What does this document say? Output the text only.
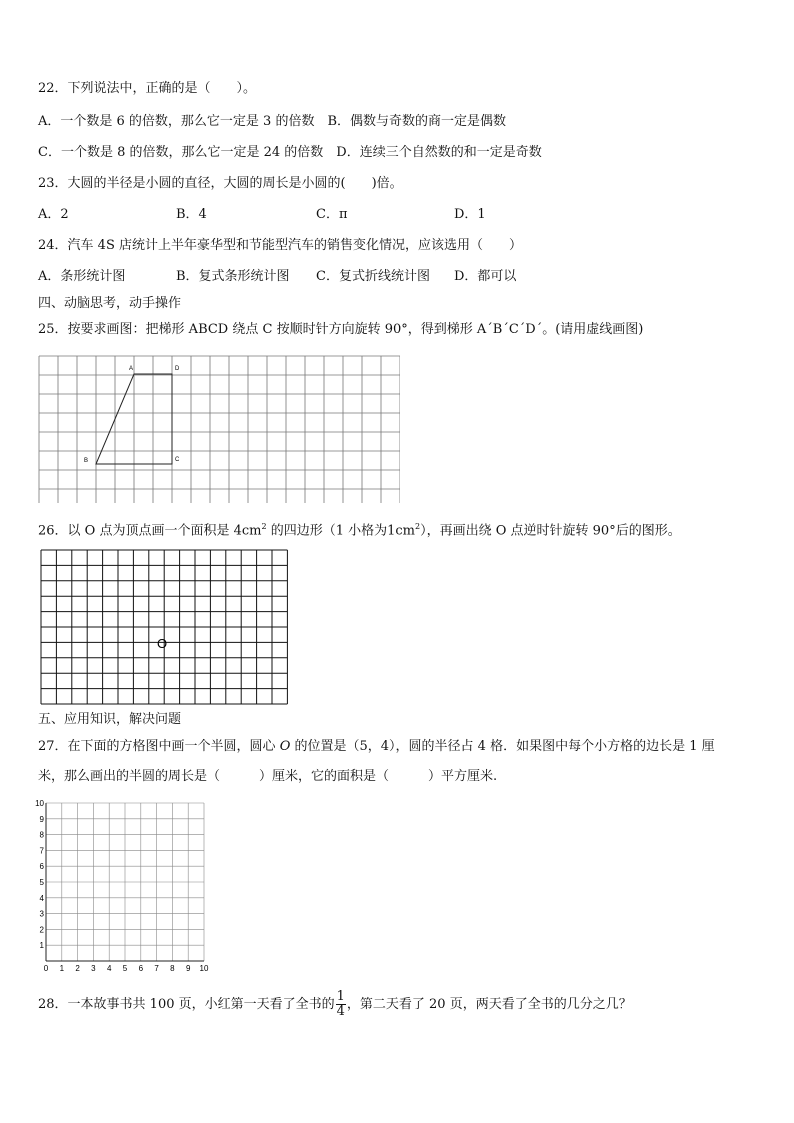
22．下列说法中，正确的是（　　）。
A．一个数是 6 的倍数，那么它一定是 3 的倍数　B．偶数与奇数的商一定是偶数
C．一个数是 8 的倍数，那么它一定是 24 的倍数　D．连续三个自然数的和一定是奇数
23．大圆的半径是小圆的直径，大圆的周长是小圆的(　　)倍。
A．2	B．4	C．π	D．1
24．汽车 4S 店统计上半年豪华型和节能型汽车的销售变化情况，应该选用（　　）
A．条形统计图	B．复式条形统计图 C．复式折线统计图 D．都可以
四、动脑思考，动手操作
25．按要求画图：把梯形 ABCD 绕点 C 按顺时针方向旋转 90°，得到梯形 A´B´C´D´。(请用虚线画图)
A	D
B	C
26．以 O 点为顶点画一个面积是 $4cm^2$ 的四边形（1 小格为$1cm^2$），再画出绕 O 点逆时针旋转 90°后的图形。
O
五、应用知识，解决问题
27．在下面的方格图中画一个半圆，圆心 O 的位置是（5，4），圆的半径占 4 格．如果图中每个小方格的边长是 1 厘
米，那么画出的半圆的周长是（　　　）厘米，它的面积是（　　　）平方厘米.
0 1 2 3 4 5 6 7 8 9 10
1
2
3
4
5
6
7
8
9
10
28．一本故事书共 100 页，小红第一天看了全书的 $\frac{1}{4}$ ，第二天看了 20 页，两天看了全书的几分之几？
